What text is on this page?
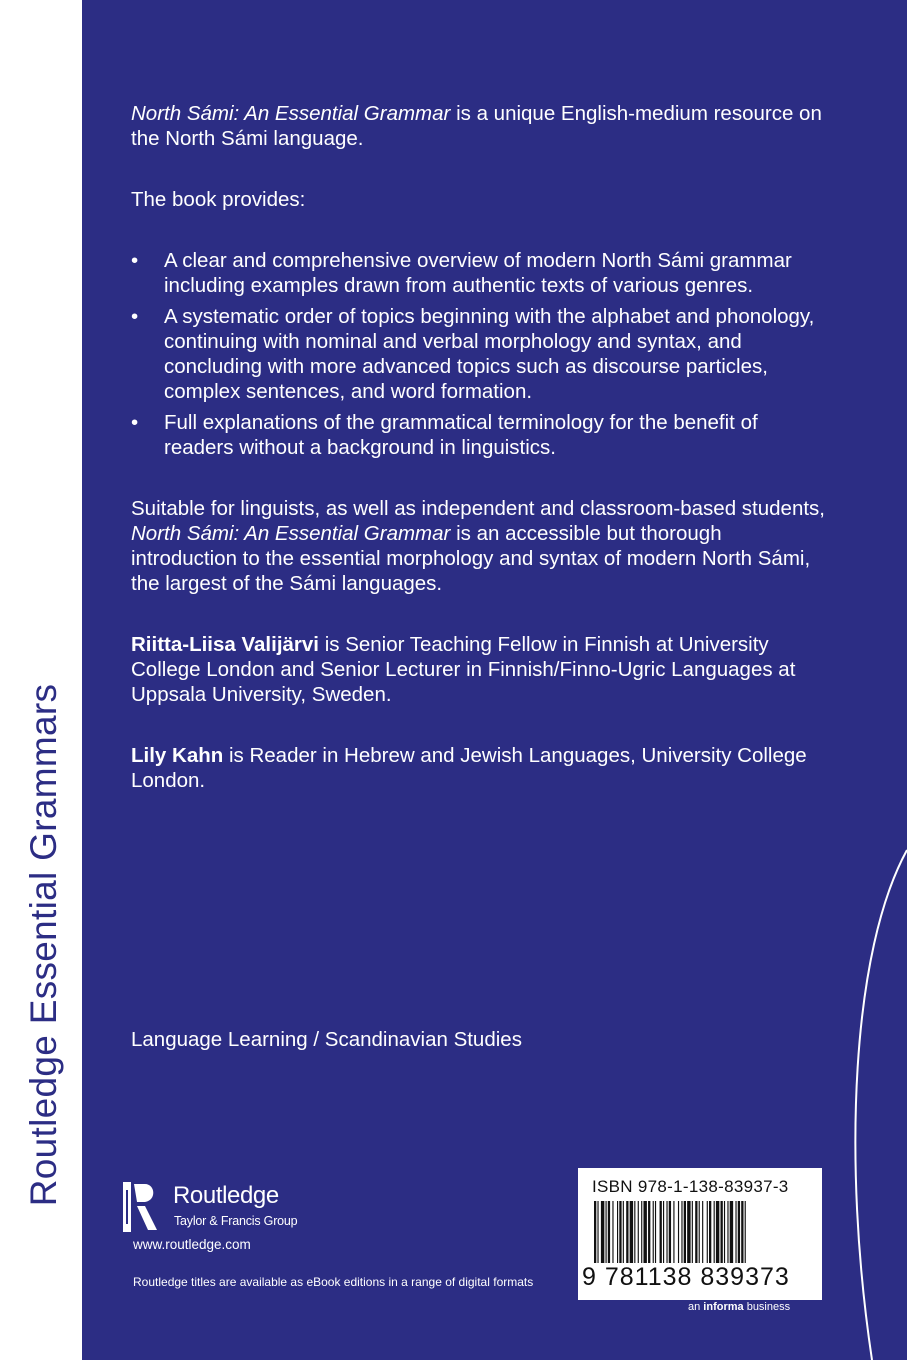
Routledge Essential Grammars

North Sámi: An Essential Grammar is a unique English-medium resource on the North Sámi language.

The book provides:

• A clear and comprehensive overview of modern North Sámi grammar including examples drawn from authentic texts of various genres.
• A systematic order of topics beginning with the alphabet and phonology, continuing with nominal and verbal morphology and syntax, and concluding with more advanced topics such as discourse particles, complex sentences, and word formation.
• Full explanations of the grammatical terminology for the benefit of readers without a background in linguistics.

Suitable for linguists, as well as independent and classroom-based students, North Sámi: An Essential Grammar is an accessible but thorough introduction to the essential morphology and syntax of modern North Sámi, the largest of the Sámi languages.

Riitta-Liisa Valijärvi is Senior Teaching Fellow in Finnish at University College London and Senior Lecturer in Finnish/Finno-Ugric Languages at Uppsala University, Sweden.

Lily Kahn is Reader in Hebrew and Jewish Languages, University College London.

Language Learning / Scandinavian Studies
Routledge
Taylor & Francis Group
www.routledge.com
Routledge titles are available as eBook editions in a range of digital formats
ISBN 978-1-138-83937-3
9 781138 839373
an informa business
